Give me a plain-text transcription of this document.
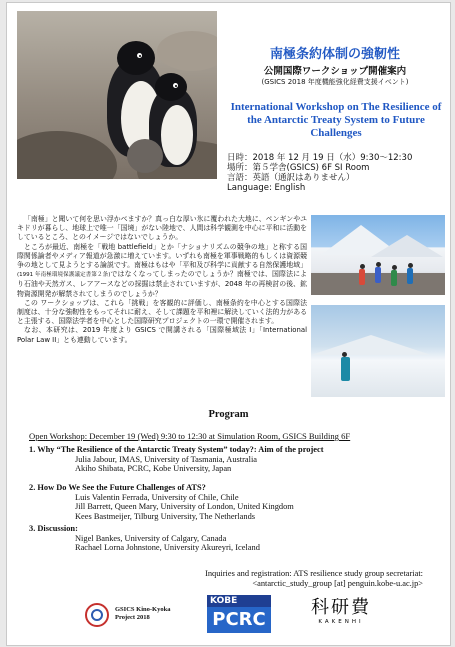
南極条約体制の強靭性
公開国際ワークショップ開催案内
(GSICS 2018 年度機能強化経費支援イベント)
International Workshop on The Resilience of the Antarctic Treaty System to Future Challenges
日時：2018 年 12 月 19 日（水）9:30～12:30
場所：第５学舎(GSICS) 6F SI Room
言語：英語（通訳はありません）
Language: English

「南極」と聞いて何を思い浮かべますか？真っ白な厚い氷に覆われた大地に、ペンギンやユキドリが暮らし、地球上で唯一「国境」がない陸地で、人間は科学観測を中心に平和に活動をしているところ、とのイメージではないでしょうか。

ところが最近、南極を「戦地 battlefield」とか「ナショナリズムの競争の地」と称する国際関係論者やメディア報道が急激に増えています。いずれも南極を軍事戦略的もしくは資源競争の地として見ようとする論説です。南極はもはや「平和及び科学に貢献する自然保護地域」(1991 年南極環境保護議定書第２条)ではなくなってしまったのでしょうか？南極では、国際法により石油や天然ガス、レアアースなどの採掘は禁止されていますが、2048 年の再検討の後、鉱物資源開発が解禁されてしまうのでしょうか？

この ワークショップは、これら「挑戦」を客観的に評価し、南極条約を中心とする国際法制度は、十分な強靭性をもってそれに耐え、そして課題を平和裡に解決していく法的力があると主張する、国際法学者を中心とした国際研究プロジェクトの一環で開催されます。

なお、本研究は、2019 年度より GSICS で開講される「国際極域法 I」「International Polar Law II」とも連動しています。

Program
Open Workshop: December 19 (Wed) 9:30 to 12:30 at Simulation Room, GSICS Building 6F
1. Why “The Resilience of the Antarctic Treaty System” today?: Aim of the project
Julia Jabour, IMAS, University of Tasmania, Australia
Akiho Shibata, PCRC, Kobe University, Japan
2. How Do We See the Future Challenges of ATS?
Luis Valentin Ferrada, University of Chile, Chile
Jill Barrett, Queen Mary, University of London, United Kingdom
Kees Bastmeijer, Tilburg University, The Netherlands
3. Discussion:
Nigel Bankes, University of Calgary, Canada
Rachael Lorna Johnstone, University Akureyri, Iceland
Inquiries and registration: ATS resilience study group secretariat:
<antarctic_study_group [at] penguin.kobe-u.ac.jp>
GSICS Kino-Kyoka
Project 2018
KOBE
PCRC
科研費
KAKENHI
